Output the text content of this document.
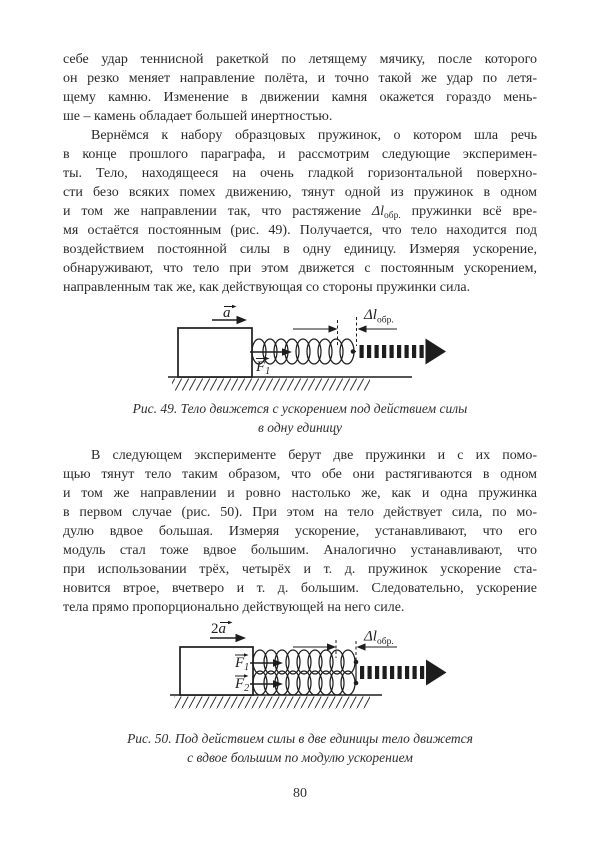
себе удар теннисной ракеткой по летящему мячику, после которого
он резко меняет направление полёта, и точно такой же удар по летя-
щему камню. Изменение в движении камня окажется гораздо мень-
ше – камень обладает большей инертностью.
Вернёмся к набору образцовых пружинок, о котором шла речь
в конце прошлого параграфа, и рассмотрим следующие эксперимен-
ты. Тело, находящееся на очень гладкой горизонтальной поверхно-
сти безо всяких помех движению, тянут одной из пружинок в одном
и том же направлении так, что растяжение $\Delta l_{обр.}$ пружинки всё вре-
мя остаётся постоянным (рис. 49). Получается, что тело находится под
воздействием постоянной силы в одну единицу. Измеряя ускорение,
обнаруживают, что тело при этом движется с постоянным ускорением,
направленным так же, как действующая со стороны пружинки сила.
a
$F_1$
$\Delta l_{обр.}$
Рис. 49. Тело движется с ускорением под действием силы
в одну единицу
В следующем эксперименте берут две пружинки и с их помо-
щью тянут тело таким образом, что обе они растягиваются в одном
и том же направлении и ровно настолько же, как и одна пружинка
в первом случае (рис. 50). При этом на тело действует сила, по мо-
дулю вдвое большая. Измеряя ускорение, устанавливают, что его
модуль стал тоже вдвое большим. Аналогично устанавливают, что
при использовании трёх, четырёх и т. д. пружинок ускорение ста-
новится втрое, вчетверо и т. д. большим. Следовательно, ускорение
тела прямо пропорционально действующей на него силе.
2a
$F_1$
$F_2$
$\Delta l_{обр.}$
Рис. 50. Под действием силы в две единицы тело движется
с вдвое большим по модулю ускорением
80
